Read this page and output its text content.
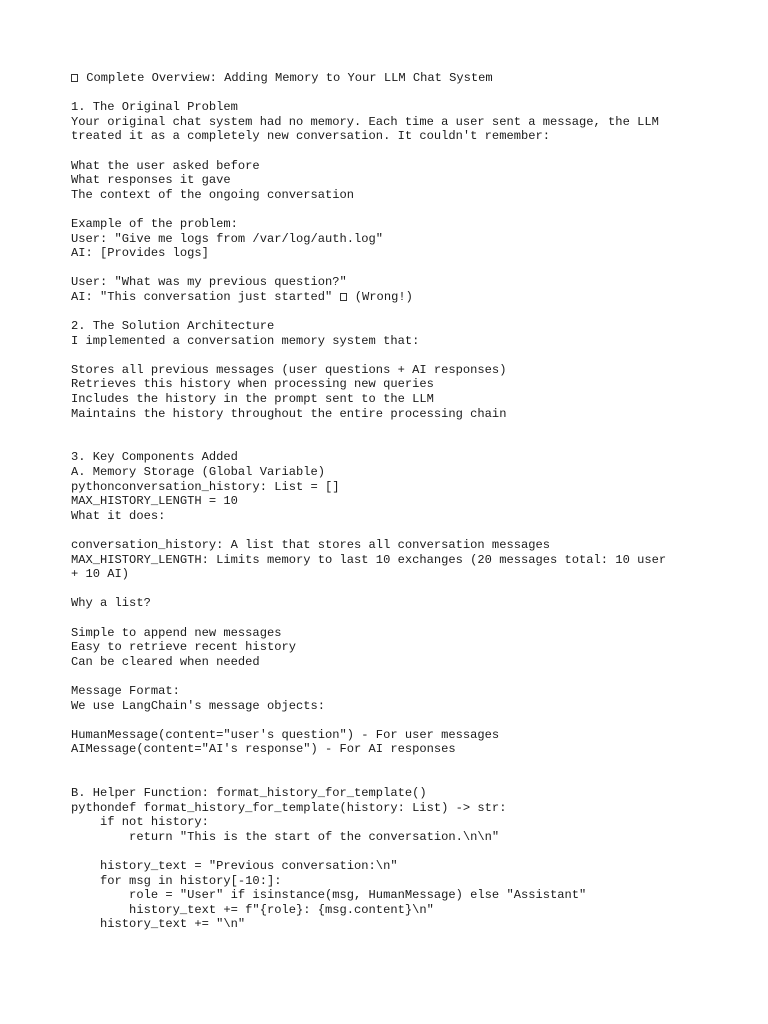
Complete Overview: Adding Memory to Your LLM Chat System
1. The Original Problem
Your original chat system had no memory. Each time a user sent a message, the LLM
treated it as a completely new conversation. It couldn't remember:
What the user asked before
What responses it gave
The context of the ongoing conversation
Example of the problem:
User: "Give me logs from /var/log/auth.log"
AI: [Provides logs]
User: "What was my previous question?"
AI: "This conversation just started"  (Wrong!)
2. The Solution Architecture
I implemented a conversation memory system that:
Stores all previous messages (user questions + AI responses)
Retrieves this history when processing new queries
Includes the history in the prompt sent to the LLM
Maintains the history throughout the entire processing chain
3. Key Components Added
A. Memory Storage (Global Variable)
pythonconversation_history: List = []
MAX_HISTORY_LENGTH = 10
What it does:
conversation_history: A list that stores all conversation messages
MAX_HISTORY_LENGTH: Limits memory to last 10 exchanges (20 messages total: 10 user
+ 10 AI)
Why a list?
Simple to append new messages
Easy to retrieve recent history
Can be cleared when needed
Message Format:
We use LangChain's message objects:
HumanMessage(content="user's question") - For user messages
AIMessage(content="AI's response") - For AI responses
B. Helper Function: format_history_for_template()
pythondef format_history_for_template(history: List) -> str:
if not history:
return "This is the start of the conversation.\n\n"
history_text = "Previous conversation:\n"
for msg in history[-10:]:
role = "User" if isinstance(msg, HumanMessage) else "Assistant"
history_text += f"{role}: {msg.content}\n"
history_text += "\n"
